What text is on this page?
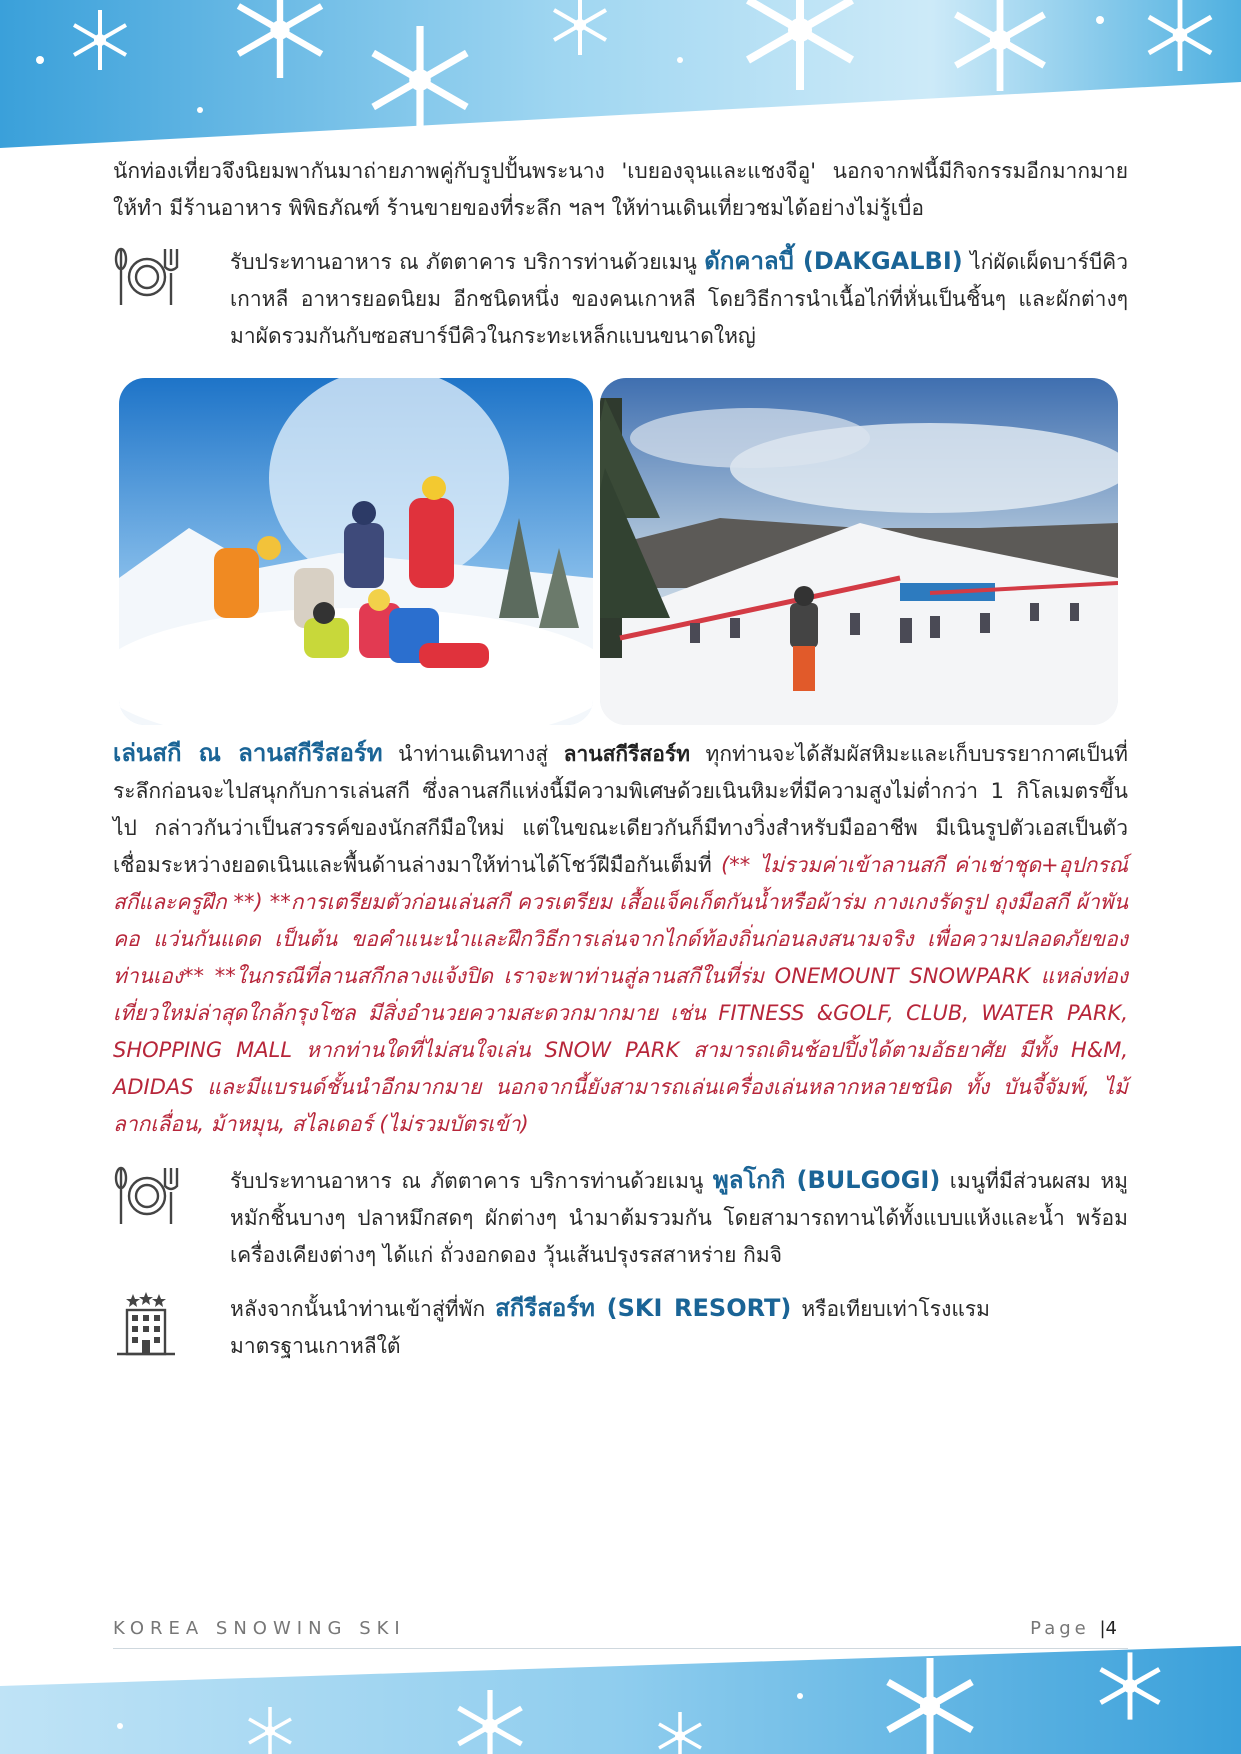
นักท่องเที่ยวจึงนิยมพากันมาถ่ายภาพคู่กับรูปปั้นพระนาง 'เบยองจุนและแชงจีอู' นอกจากฟนี้มีกิจกรรมอีกมากมายให้ทำ มีร้านอาหาร พิพิธภัณฑ์ ร้านขายของที่ระลึก ฯลฯ ให้ท่านเดินเที่ยวชมได้อย่างไม่รู้เบื่อ

รับประทานอาหาร ณ ภัตตาคาร บริการท่านด้วยเมนู ดักคาลบี้ (DAKGALBI) ไก่ผัดเผ็ดบาร์บีคิวเกาหลี อาหารยอดนิยม อีกชนิดหนึ่ง ของคนเกาหลี โดยวิธีการนำเนื้อไก่ที่หั่นเป็นชิ้นๆ และผักต่างๆ มาผัดรวมกันกับซอสบาร์บีคิวในกระทะเหล็กแบนขนาดใหญ่

เล่นสกี ณ ลานสกีรีสอร์ท นำท่านเดินทางสู่ ลานสกีรีสอร์ท ทุกท่านจะได้สัมผัสหิมะและเก็บบรรยากาศเป็นที่ระลึกก่อนจะไปสนุกกับการเล่นสกี ซึ่งลานสกีแห่งนี้มีความพิเศษด้วยเนินหิมะที่มีความสูงไม่ต่ำกว่า 1 กิโลเมตรขึ้นไป กล่าวกันว่าเป็นสวรรค์ของนักสกีมือใหม่ แต่ในขณะเดียวกันก็มีทางวิ่งสำหรับมืออาชีพ มีเนินรูปตัวเอสเป็นตัวเชื่อมระหว่างยอดเนินและพื้นด้านล่างมาให้ท่านได้โชว์ฝีมือกันเต็มที่ (** ไม่รวมค่าเข้าลานสกี ค่าเช่าชุด+อุปกรณ์สกีและครูฝึก **) **การเตรียมตัวก่อนเล่นสกี ควรเตรียม เสื้อแจ็คเก็ตกันน้ำหรือผ้าร่ม กางเกงรัดรูป ถุงมือสกี ผ้าพันคอ แว่นกันแดด เป็นต้น ขอคำแนะนำและฝึกวิธีการเล่นจากไกด์ท้องถิ่นก่อนลงสนามจริง เพื่อความปลอดภัยของท่านเอง** **ในกรณีที่ลานสกีกลางแจ้งปิด เราจะพาท่านสู่ลานสกีในที่ร่ม ONEMOUNT SNOWPARK แหล่งท่องเที่ยวใหม่ล่าสุดใกล้กรุงโซล มีสิ่งอำนวยความสะดวกมากมาย เช่น FITNESS &GOLF, CLUB, WATER PARK, SHOPPING MALL หากท่านใดที่ไม่สนใจเล่น SNOW PARK สามารถเดินช้อปปิ้งได้ตามอัธยาศัย มีทั้ง H&M, ADIDAS และมีแบรนด์ชั้นนำอีกมากมาย นอกจากนี้ยังสามารถเล่นเครื่องเล่นหลากหลายชนิด ทั้ง บันจี้จัมพ์, ไม้ลากเลื่อน, ม้าหมุน, สไลเดอร์ (ไม่รวมบัตรเข้า)

รับประทานอาหาร ณ ภัตตาคาร บริการท่านด้วยเมนู พูลโกกิ (BULGOGI) เมนูที่มีส่วนผสม หมูหมักชิ้นบางๆ ปลาหมึกสดๆ ผักต่างๆ นำมาต้มรวมกัน โดยสามารถทานได้ทั้งแบบแห้งและน้ำ พร้อมเครื่องเคียงต่างๆ ได้แก่ ถั่วงอกดอง วุ้นเส้นปรุงรสสาหร่าย กิมจิ

หลังจากนั้นนำท่านเข้าสู่ที่พัก สกีรีสอร์ท (SKI RESORT) หรือเทียบเท่าโรงแรมมาตรฐานเกาหลีใต้

KOREA SNOWING SKI	Page |4
